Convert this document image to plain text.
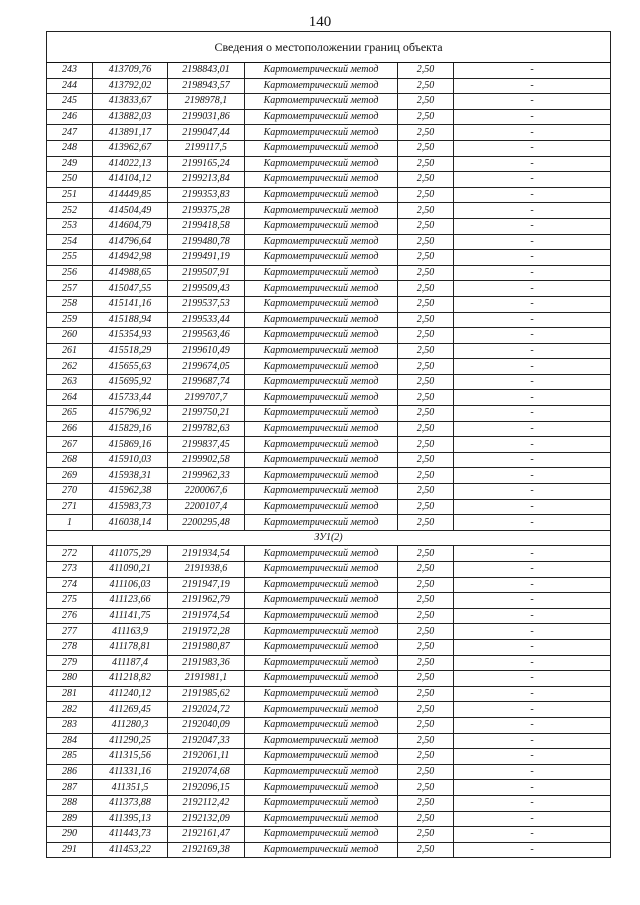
140
Сведения о местоположении границ объекта					
243	413709,76	2198843,01	Картометрический метод	2,50	-
244	413792,02	2198943,57	Картометрический метод	2,50	-
245	413833,67	2198978,1	Картометрический метод	2,50	-
246	413882,03	2199031,86	Картометрический метод	2,50	-
247	413891,17	2199047,44	Картометрический метод	2,50	-
248	413962,67	2199117,5	Картометрический метод	2,50	-
249	414022,13	2199165,24	Картометрический метод	2,50	-
250	414104,12	2199213,84	Картометрический метод	2,50	-
251	414449,85	2199353,83	Картометрический метод	2,50	-
252	414504,49	2199375,28	Картометрический метод	2,50	-
253	414604,79	2199418,58	Картометрический метод	2,50	-
254	414796,64	2199480,78	Картометрический метод	2,50	-
255	414942,98	2199491,19	Картометрический метод	2,50	-
256	414988,65	2199507,91	Картометрический метод	2,50	-
257	415047,55	2199509,43	Картометрический метод	2,50	-
258	415141,16	2199537,53	Картометрический метод	2,50	-
259	415188,94	2199533,44	Картометрический метод	2,50	-
260	415354,93	2199563,46	Картометрический метод	2,50	-
261	415518,29	2199610,49	Картометрический метод	2,50	-
262	415655,63	2199674,05	Картометрический метод	2,50	-
263	415695,92	2199687,74	Картометрический метод	2,50	-
264	415733,44	2199707,7	Картометрический метод	2,50	-
265	415796,92	2199750,21	Картометрический метод	2,50	-
266	415829,16	2199782,63	Картометрический метод	2,50	-
267	415869,16	2199837,45	Картометрический метод	2,50	-
268	415910,03	2199902,58	Картометрический метод	2,50	-
269	415938,31	2199962,33	Картометрический метод	2,50	-
270	415962,38	2200067,6	Картометрический метод	2,50	-
271	415983,73	2200107,4	Картометрический метод	2,50	-
1	416038,14	2200295,48	Картометрический метод	2,50	-
ЗУ1(2)					
272	411075,29	2191934,54	Картометрический метод	2,50	-
273	411090,21	2191938,6	Картометрический метод	2,50	-
274	411106,03	2191947,19	Картометрический метод	2,50	-
275	411123,66	2191962,79	Картометрический метод	2,50	-
276	411141,75	2191974,54	Картометрический метод	2,50	-
277	411163,9	2191972,28	Картометрический метод	2,50	-
278	411178,81	2191980,87	Картометрический метод	2,50	-
279	411187,4	2191983,36	Картометрический метод	2,50	-
280	411218,82	2191981,1	Картометрический метод	2,50	-
281	411240,12	2191985,62	Картометрический метод	2,50	-
282	411269,45	2192024,72	Картометрический метод	2,50	-
283	411280,3	2192040,09	Картометрический метод	2,50	-
284	411290,25	2192047,33	Картометрический метод	2,50	-
285	411315,56	2192061,11	Картометрический метод	2,50	-
286	411331,16	2192074,68	Картометрический метод	2,50	-
287	411351,5	2192096,15	Картометрический метод	2,50	-
288	411373,88	2192112,42	Картометрический метод	2,50	-
289	411395,13	2192132,09	Картометрический метод	2,50	-
290	411443,73	2192161,47	Картометрический метод	2,50	-
291	411453,22	2192169,38	Картометрический метод	2,50	-
